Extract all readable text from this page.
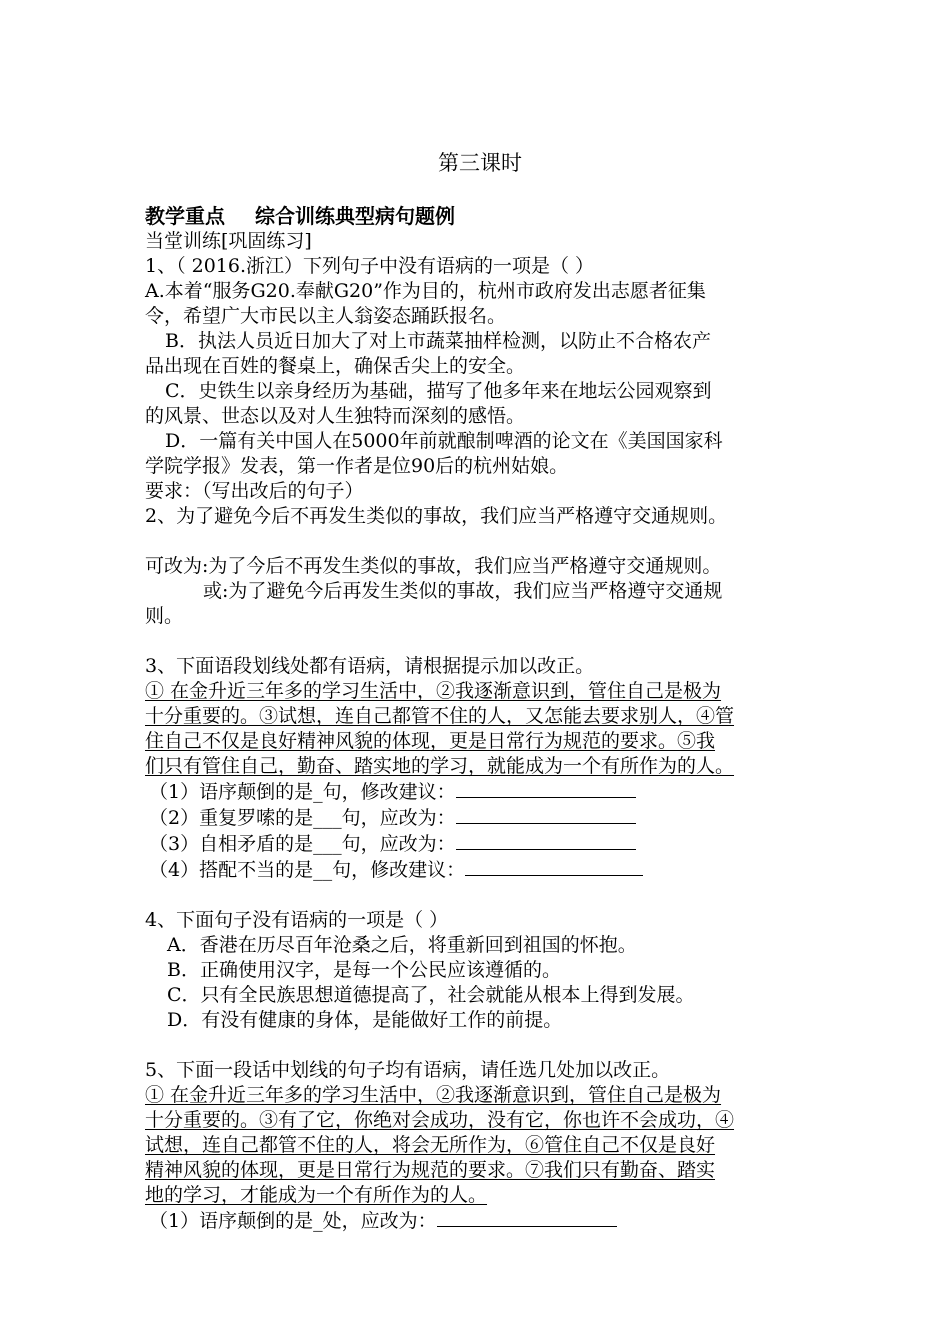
第三课时
教学重点 综合训练典型病句题例

当堂训练[巩固练习]

1、（ 2016.浙江）下列句子中没有语病的一项是（ ）

A.本着“服务G20.奉献G20”作为目的，杭州市政府发出志愿者征集

令，希望广大市民以主人翁姿态踊跃报名。

B．执法人员近日加大了对上市蔬菜抽样检测，以防止不合格农产

品出现在百姓的餐桌上，确保舌尖上的安全。

C．史铁生以亲身经历为基础，描写了他多年来在地坛公园观察到

的风景、世态以及对人生独特而深刻的感悟。

D．一篇有关中国人在5000年前就酿制啤酒的论文在《美国国家科

学院学报》发表，第一作者是位90后的杭州姑娘。

要求：（写出改后的句子）

2、为了避免今后不再发生类似的事故，我们应当严格遵守交通规则。

可改为:为了今后不再发生类似的事故，我们应当严格遵守交通规则。

或:为了避免今后再发生类似的事故，我们应当严格遵守交通规

则。

3、下面语段划线处都有语病，请根据提示加以改正。

① 在金升近三年多的学习生活中，②我逐渐意识到，管住自己是极为

十分重要的。③试想，连自己都管不住的人，又怎能去要求别人，④管

住自己不仅是良好精神风貌的体现，更是日常行为规范的要求。⑤我

们只有管住自己，勤奋、踏实地的学习，就能成为一个有所作为的人。

（1）语序颠倒的是_句，修改建议：

（2）重复罗嗦的是___句，应改为：

（3）自相矛盾的是___句，应改为：

（4）搭配不当的是__句，修改建议：

4、下面句子没有语病的一项是（ ）

A．香港在历尽百年沧桑之后，将重新回到祖国的怀抱。

B．正确使用汉字，是每一个公民应该遵循的。

C．只有全民族思想道德提高了，社会就能从根本上得到发展。

D．有没有健康的身体，是能做好工作的前提。

5、下面一段话中划线的句子均有语病，请任选几处加以改正。

① 在金升近三年多的学习生活中，②我逐渐意识到，管住自己是极为

十分重要的。③有了它，你绝对会成功，没有它，你也许不会成功，④

试想，连自己都管不住的人，将会无所作为，⑥管住自己不仅是良好

精神风貌的体现，更是日常行为规范的要求。⑦我们只有勤奋、踏实

地的学习，才能成为一个有所作为的人。

（1）语序颠倒的是_处，应改为：
